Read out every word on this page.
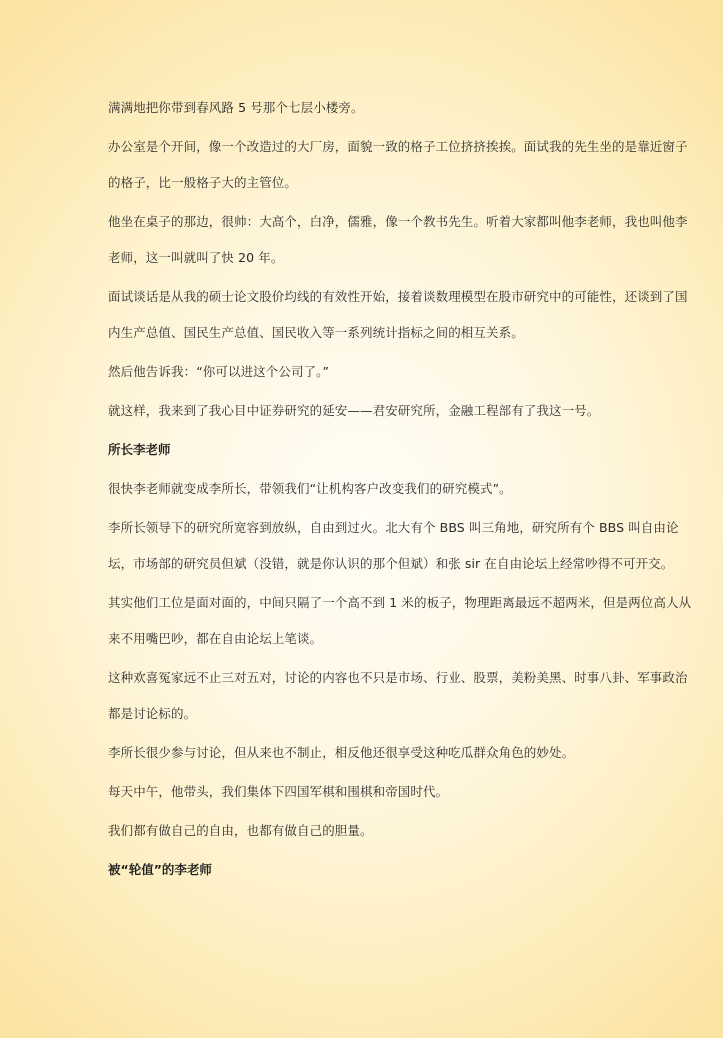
满满地把你带到春风路 5 号那个七层小楼旁。

办公室是个开间，像一个改造过的大厂房，面貌一致的格子工位挤挤挨挨。面试我的先生坐的是靠近窗子的格子，比一般格子大的主管位。

他坐在桌子的那边，很帅：大高个，白净，儒雅，像一个教书先生。听着大家都叫他李老师，我也叫他李老师，这一叫就叫了快 20 年。

面试谈话是从我的硕士论文股价均线的有效性开始，接着谈数理模型在股市研究中的可能性，还谈到了国内生产总值、国民生产总值、国民收入等一系列统计指标之间的相互关系。

然后他告诉我：“你可以进这个公司了。”

就这样，我来到了我心目中证券研究的延安——君安研究所，金融工程部有了我这一号。

所长李老师

很快李老师就变成李所长，带领我们“让机构客户改变我们的研究模式”。

李所长领导下的研究所宽容到放纵，自由到过火。北大有个 BBS 叫三角地，研究所有个 BBS 叫自由论坛，市场部的研究员但斌（没错，就是你认识的那个但斌）和张 sir 在自由论坛上经常吵得不可开交。

其实他们工位是面对面的，中间只隔了一个高不到 1 米的板子，物理距离最远不超两米，但是两位高人从来不用嘴巴吵，都在自由论坛上笔谈。

这种欢喜冤家远不止三对五对，讨论的内容也不只是市场、行业、股票，美粉美黑、时事八卦、军事政治都是讨论标的。

李所长很少参与讨论，但从来也不制止，相反他还很享受这种吃瓜群众角色的妙处。

每天中午，他带头，我们集体下四国军棋和围棋和帝国时代。

我们都有做自己的自由，也都有做自己的胆量。

被“轮值”的李老师
